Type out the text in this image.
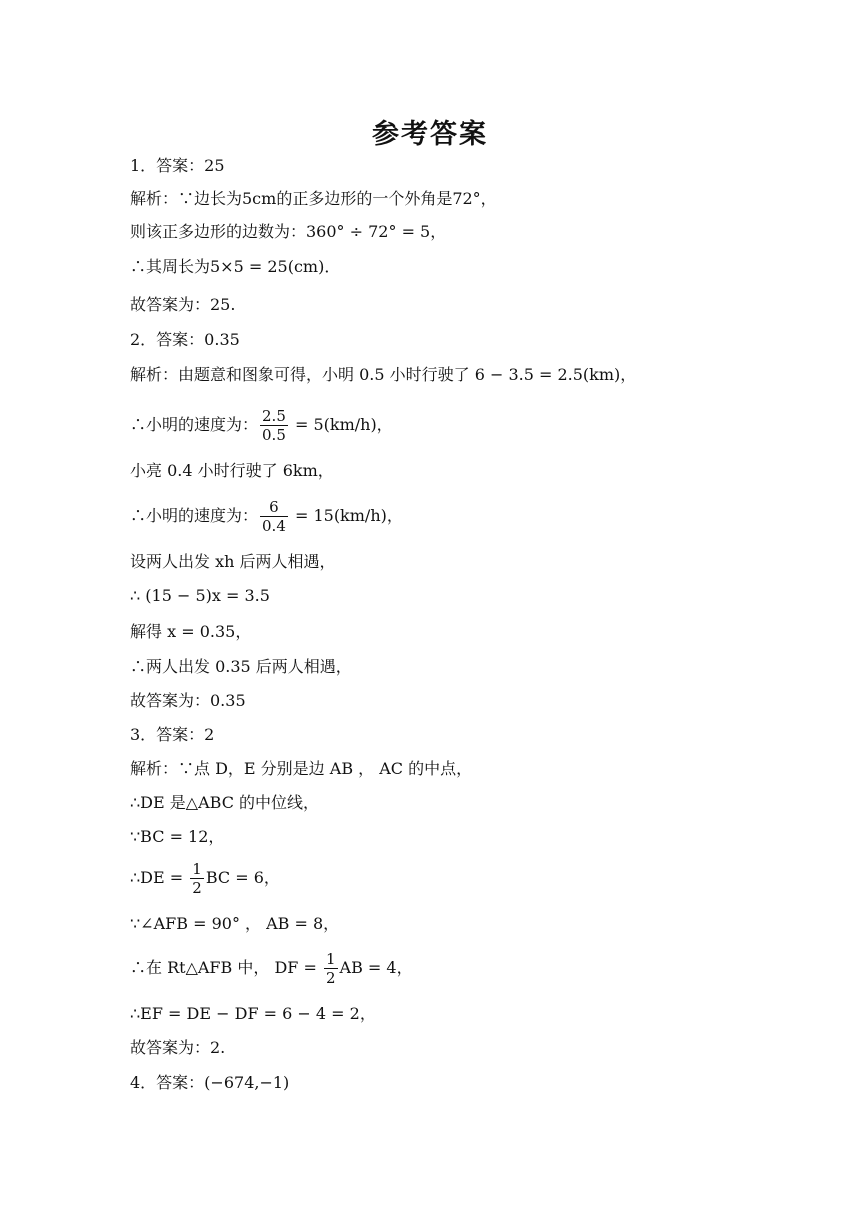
参考答案
1．答案：25
解析：∵边长为5cm的正多边形的一个外角是72°，
则该正多边形的边数为：360° ÷ 72° = 5，
∴其周长为5×5 = 25(cm)．
故答案为：25.
2．答案：0.35
解析：由题意和图象可得，小明 0.5 小时行驶了 6 − 3.5 = 2.5(km)，
∴小明的速度为： $\frac{2.5}{0.5} = 5(km/h)$，
小亮 0.4 小时行驶了 6km，
∴小明的速度为： $\frac{6}{0.4} = 15(km/h)$，
设两人出发 xh 后两人相遇，
∴ (15 − 5)x = 3.5
解得 x = 0.35，
∴两人出发 0.35 后两人相遇，
故答案为：0.35
3．答案：2
解析：∵点 D，E 分别是边 AB ， AC 的中点，
∴DE 是△ABC 的中位线，
∵BC = 12，
∴DE = $\frac{1}{2}$ BC = 6，
∵∠AFB = 90° ， AB = 8，
∴在 Rt△AFB 中， DF = $\frac{1}{2}$ AB = 4，
∴EF = DE − DF = 6 − 4 = 2，
故答案为：2.
4．答案：(−674,−1)
